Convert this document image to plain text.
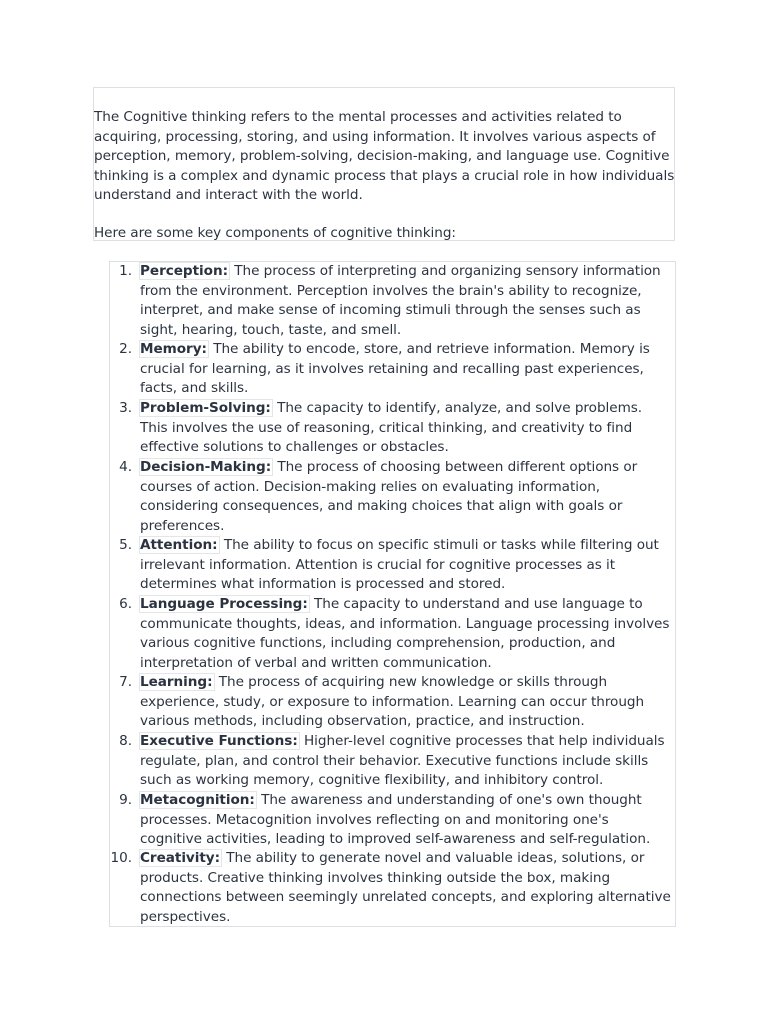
The Cognitive thinking refers to the mental processes and activities related to acquiring, processing, storing, and using information. It involves various aspects of perception, memory, problem-solving, decision-making, and language use. Cognitive thinking is a complex and dynamic process that plays a crucial role in how individuals understand and interact with the world.

Here are some key components of cognitive thinking:

1. Perception: The process of interpreting and organizing sensory information from the environment. Perception involves the brain's ability to recognize, interpret, and make sense of incoming stimuli through the senses such as sight, hearing, touch, taste, and smell.
2. Memory: The ability to encode, store, and retrieve information. Memory is crucial for learning, as it involves retaining and recalling past experiences, facts, and skills.
3. Problem-Solving: The capacity to identify, analyze, and solve problems. This involves the use of reasoning, critical thinking, and creativity to find effective solutions to challenges or obstacles.
4. Decision-Making: The process of choosing between different options or courses of action. Decision-making relies on evaluating information, considering consequences, and making choices that align with goals or preferences.
5. Attention: The ability to focus on specific stimuli or tasks while filtering out irrelevant information. Attention is crucial for cognitive processes as it determines what information is processed and stored.
6. Language Processing: The capacity to understand and use language to communicate thoughts, ideas, and information. Language processing involves various cognitive functions, including comprehension, production, and interpretation of verbal and written communication.
7. Learning: The process of acquiring new knowledge or skills through experience, study, or exposure to information. Learning can occur through various methods, including observation, practice, and instruction.
8. Executive Functions: Higher-level cognitive processes that help individuals regulate, plan, and control their behavior. Executive functions include skills such as working memory, cognitive flexibility, and inhibitory control.
9. Metacognition: The awareness and understanding of one's own thought processes. Metacognition involves reflecting on and monitoring one's cognitive activities, leading to improved self-awareness and self-regulation.
10. Creativity: The ability to generate novel and valuable ideas, solutions, or products. Creative thinking involves thinking outside the box, making connections between seemingly unrelated concepts, and exploring alternative perspectives.
